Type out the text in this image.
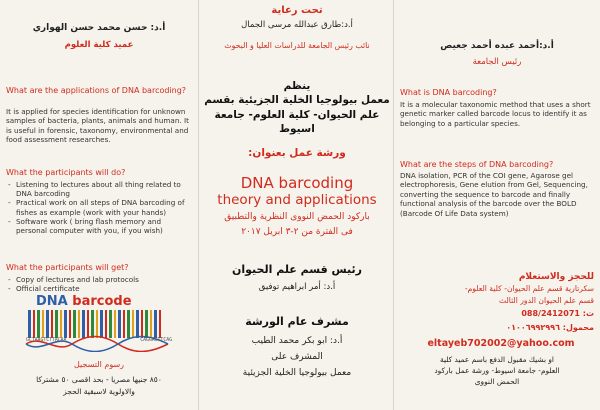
أ.د: حسن محمد حسن الهواري
عميد كلية العلوم
What are the applications of DNA barcoding?
It is applied for species identification for unknown samples of bacteria, plants, animals and human. It is useful in forensic, taxonomy, environmental and food assessment researches.
What the participants will do?
- Listening to lectures about all thing related to DNA barcoding
- Practical work on all steps of DNA barcoding of fishes as example (work with your hands)
- Software work ( bring flash memory and personal computer with you, if you wish)
What the participants will get?
- Copy of lectures and lab protocols
- Official certificate
DNA barcode
GCTAAGTCTTACAA	CAGGAGTTCAG
رسوم التسجيل
٨٥٠ جنيها مصريا - بحد اقصى ٥٠ مشتركا
والاولوية لاسبقية الحجز
تحت رعاية
أ.د:طارق عبدالله مرسى الجمال
نائب رئيس الجامعة للدراسات العليا و البحوث
ينظم
معمل بيولوجيا الخلية الجزيئية بقسم
علم الحيوان- كلية العلوم- جامعة
اسيوط
ورشة عمل بعنوان:
DNA barcoding
theory and applications
باركود الحمض النووى النظرية والتطبيق
فى الفترة من ٢-٣ ابريل ٢٠١٧
رئيس قسم علم الحيوان
أ.د: أمر ابراهيم توفيق
مشرف عام الورشة
أ.د: ابو بكر محمد الطيب
المشرف على
معمل بيولوجيا الخلية الجزيئية
أ.د:أحمد عبده أحمد جعيص
رئيس الجامعة
What is DNA barcoding?
It is a molecular taxonomic method that uses a short genetic marker called barcode locus to identify it as belonging to a particular species.
What are the steps of DNA barcoding?
DNA isolation, PCR of the COI gene, Agarose gel electrophoresis, Gene elution from Gel, Sequencing, converting the sequence to barcode and finally functional analysis of the barcode over the BOLD (Barcode Of Life Data system)
للحجز والاستعلام
سكرتارية قسم علم الحيوان- كلية العلوم-
قسم علم الحيوان الدور الثالث
ت: 088/2412071
محمول: ٠١٠٠٦٩٩٢٩٩٦
eltayeb702002@yahoo.com
او بشيك مقبول الدفع باسم عميد كلية
العلوم- جامعة اسيوط- ورشة عمل باركود
الحمض النووى
